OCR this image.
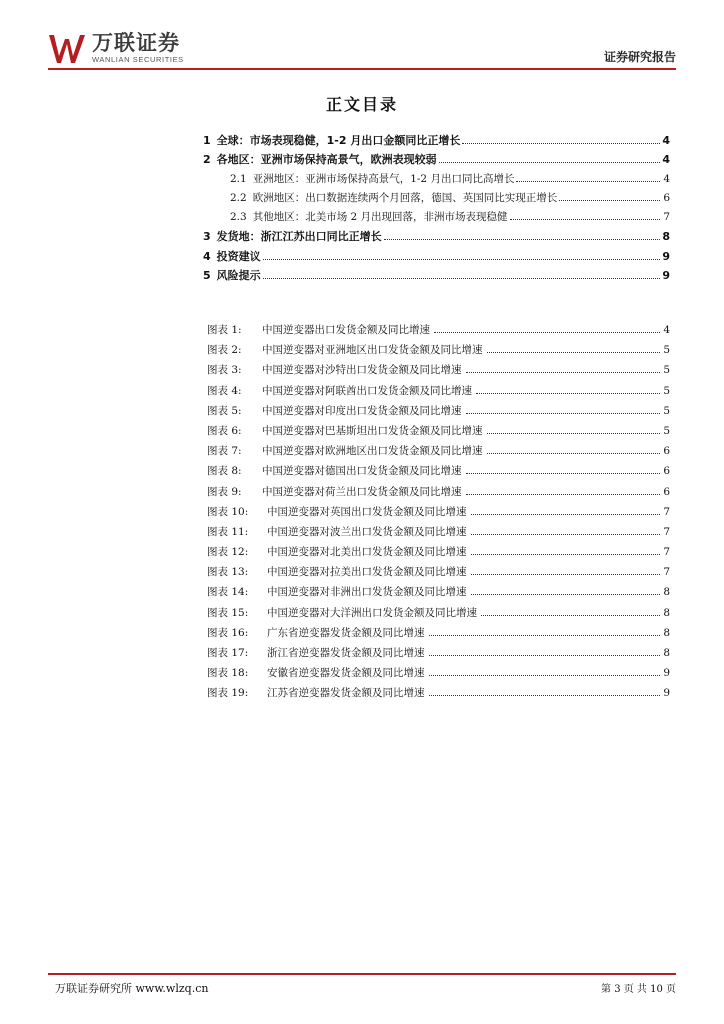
万联证券
WANLIAN SECURITIES	证券研究报告
正文目录
1 全球：市场表现稳健，1-2 月出口金额同比正增长	4
2 各地区：亚洲市场保持高景气，欧洲表现较弱	4
2.1 亚洲地区：亚洲市场保持高景气，1-2 月出口同比高增长	4
2.2 欧洲地区：出口数据连续两个月回落，德国、英国同比实现正增长	6
2.3 其他地区：北美市场 2 月出现回落，非洲市场表现稳健	7
3 发货地：浙江江苏出口同比正增长	8
4 投资建议	9
5 风险提示	9
图表 1:	中国逆变器出口发货金额及同比增速	4
图表 2:	中国逆变器对亚洲地区出口发货金额及同比增速	5
图表 3:	中国逆变器对沙特出口发货金额及同比增速	5
图表 4:	中国逆变器对阿联酋出口发货金额及同比增速	5
图表 5:	中国逆变器对印度出口发货金额及同比增速	5
图表 6:	中国逆变器对巴基斯坦出口发货金额及同比增速	5
图表 7:	中国逆变器对欧洲地区出口发货金额及同比增速	6
图表 8:	中国逆变器对德国出口发货金额及同比增速	6
图表 9:	中国逆变器对荷兰出口发货金额及同比增速	6
图表 10:	中国逆变器对英国出口发货金额及同比增速	7
图表 11:	中国逆变器对波兰出口发货金额及同比增速	7
图表 12:	中国逆变器对北美出口发货金额及同比增速	7
图表 13:	中国逆变器对拉美出口发货金额及同比增速	7
图表 14:	中国逆变器对非洲出口发货金额及同比增速	8
图表 15:	中国逆变器对大洋洲出口发货金额及同比增速	8
图表 16:	广东省逆变器发货金额及同比增速	8
图表 17:	浙江省逆变器发货金额及同比增速	8
图表 18:	安徽省逆变器发货金额及同比增速	9
图表 19:	江苏省逆变器发货金额及同比增速	9
万联证券研究所 www.wlzq.cn	第 3 页 共 10 页
